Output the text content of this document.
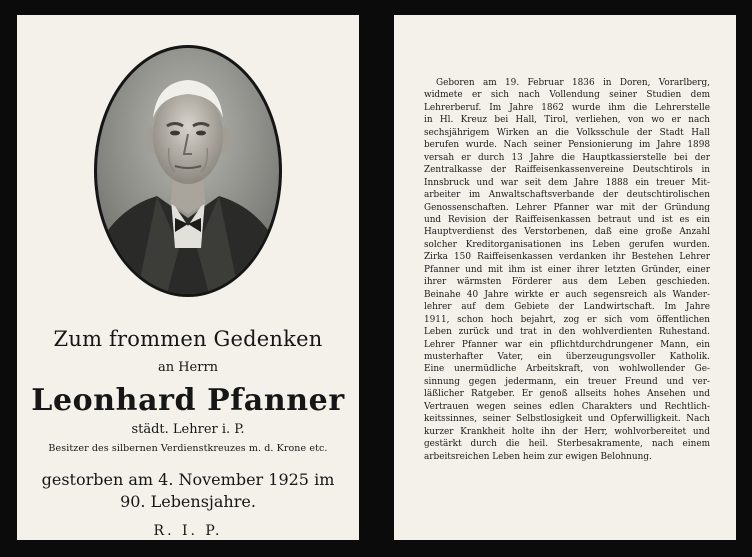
Zum frommen Gedenken
an Herrn
Leonhard Pfanner
städt. Lehrer i. P.
Besitzer des silbernen Verdienstkreuzes m. d. Krone etc.
gestorben am 4. November 1925 im
90. Lebensjahre.
R. I. P.
Geboren am 19. Februar 1836 in Doren, Vorarlberg,
widmete er sich nach Vollendung seiner Studien dem
Lehrerberuf. Im Jahre 1862 wurde ihm die Lehrerstelle
in Hl. Kreuz bei Hall, Tirol, verliehen, von wo er nach
sechsjährigem Wirken an die Volksschule der Stadt Hall
berufen wurde. Nach seiner Pensionierung im Jahre 1898
versah er durch 13 Jahre die Hauptkassierstelle bei der
Zentralkasse der Raiffeisenkassenvereine Deutschtirols in
Innsbruck und war seit dem Jahre 1888 ein treuer Mit-
arbeiter im Anwaltschaftsverbande der deutschtirolischen
Genossenschaften. Lehrer Pfanner war mit der Gründung
und Revision der Raiffeisenkassen betraut und ist es ein
Hauptverdienst des Verstorbenen, daß eine große Anzahl
solcher Kreditorganisationen ins Leben gerufen wurden.
Zirka 150 Raiffeisenkassen verdanken ihr Bestehen Lehrer
Pfanner und mit ihm ist einer ihrer letzten Gründer, einer
ihrer wärmsten Förderer aus dem Leben geschieden.
Beinahe 40 Jahre wirkte er auch segensreich als Wander-
lehrer auf dem Gebiete der Landwirtschaft. Im Jahre
1911, schon hoch bejahrt, zog er sich vom öffentlichen
Leben zurück und trat in den wohlverdienten Ruhestand.
Lehrer Pfanner war ein pflichtdurchdrungener Mann, ein
musterhafter Vater, ein überzeugungsvoller Katholik.
Eine unermüdliche Arbeitskraft, von wohlwollender Ge-
sinnung gegen jedermann, ein treuer Freund und ver-
läßlicher Ratgeber. Er genoß allseits hohes Ansehen und
Vertrauen wegen seines edlen Charakters und Rechtlich-
keitssinnes, seiner Selbstlosigkeit und Opferwilligkeit. Nach
kurzer Krankheit holte ihn der Herr, wohlvorbereitet und
gestärkt durch die heil. Sterbesakramente, nach einem
arbeitsreichen Leben heim zur ewigen Belohnung.
